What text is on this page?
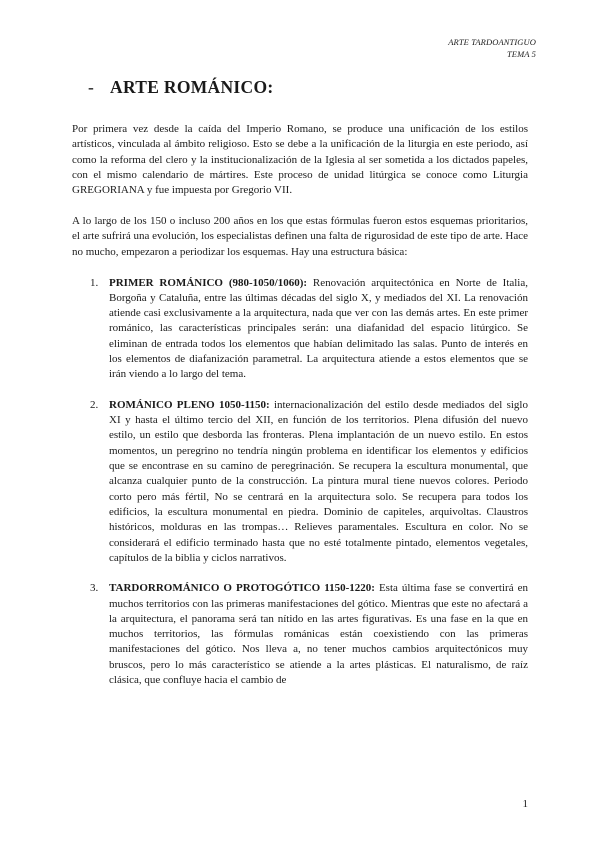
ARTE TARDOANTIGUO
TEMA 5
- ARTE ROMÁNICO:

Por primera vez desde la caída del Imperio Romano, se produce una unificación de los estilos artísticos, vinculada al ámbito religioso. Esto se debe a la unificación de la liturgia en este periodo, así como la reforma del clero y la institucionalización de la Iglesia al ser sometida a los dictados papeles, con el mismo calendario de mártires. Este proceso de unidad litúrgica se conoce como Liturgia GREGORIANA y fue impuesta por Gregorio VII.

A lo largo de los 150 o incluso 200 años en los que estas fórmulas fueron estos esquemas prioritarios, el arte sufrirá una evolución, los especialistas definen una falta de rigurosidad de este tipo de arte. Hace no mucho, empezaron a periodizar los esquemas. Hay una estructura básica:

1. PRIMER ROMÁNICO (980-1050/1060): Renovación arquitectónica en Norte de Italia, Borgoña y Cataluña, entre las últimas décadas del siglo X, y mediados del XI. La renovación atiende casi exclusivamente a la arquitectura, nada que ver con las demás artes. En este primer románico, las características principales serán: una diafanidad del espacio litúrgico. Se eliminan de entrada todos los elementos que habían delimitado las salas. Punto de interés en los elementos de diafanización parametral. La arquitectura atiende a estos elementos que se irán viendo a lo largo del tema.
2. ROMÁNICO PLENO 1050-1150: internacionalización del estilo desde mediados del siglo XI y hasta el último tercio del XII, en función de los territorios. Plena difusión del nuevo estilo, un estilo que desborda las fronteras. Plena implantación de un nuevo estilo. En estos momentos, un peregrino no tendría ningún problema en identificar los elementos y edificios que se encontrase en su camino de peregrinación. Se recupera la escultura monumental, que alcanza cualquier punto de la construcción. La pintura mural tiene nuevos colores. Periodo corto pero más fértil, No se centrará en la arquitectura solo. Se recupera para todos los edificios, la escultura monumental en piedra. Dominio de capiteles, arquivoltas. Claustros históricos, molduras en las trompas… Relieves paramentales. Escultura en color. No se considerará el edificio terminado hasta que no esté totalmente pintado, elementos vegetales, capítulos de la biblia y ciclos narrativos.
3. TARDORROMÁNICO O PROTOGÓTICO 1150-1220: Esta última fase se convertirá en muchos territorios con las primeras manifestaciones del gótico. Mientras que este no afectará a la arquitectura, el panorama será tan nítido en las artes figurativas. Es una fase en la que en muchos territorios, las fórmulas románicas están coexistiendo con las primeras manifestaciones del gótico. Nos lleva a, no tener muchos cambios arquitectónicos muy bruscos, pero lo más característico se atiende a la artes plásticas. El naturalismo, de raíz clásica, que confluye hacia el cambio de
1
